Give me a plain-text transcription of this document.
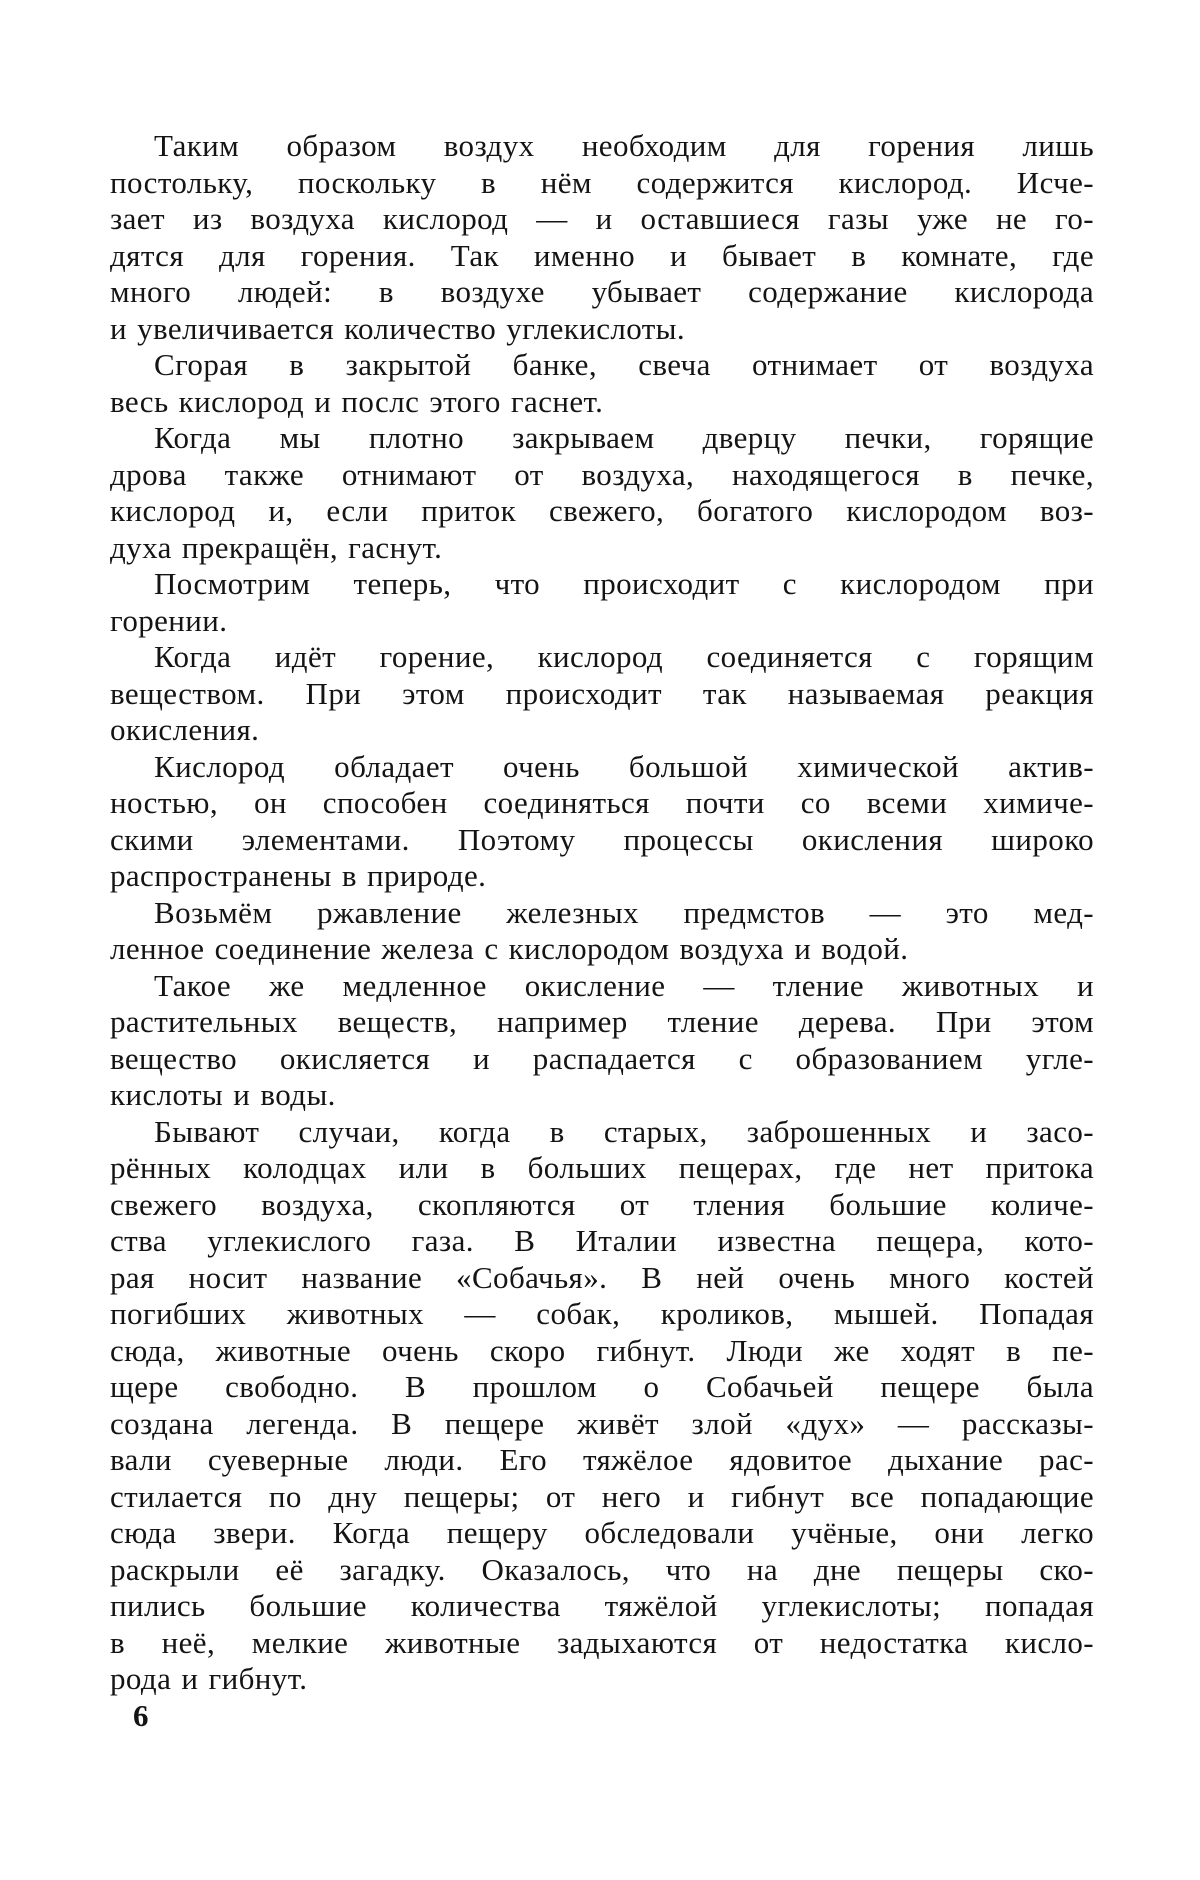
Таким образом воздух необходим для горения лишь
постольку, поскольку в нём содержится кислород. Исче-
зает из воздуха кислород — и оставшиеся газы уже не го-
дятся для горения. Так именно и бывает в комнате, где
много людей: в воздухе убывает содержание кислорода
и увеличивается количество углекислоты.
Сгорая в закрытой банке, свеча отнимает от воздуха
весь кислород и послс этого гаснет.
Когда мы плотно закрываем дверцу печки, горящие
дрова также отнимают от воздуха, находящегося в печке,
кислород и, если приток свежего, богатого кислородом воз-
духа прекращён, гаснут.
Посмотрим теперь, что происходит с кислородом при
горении.
Когда идёт горение, кислород соединяется с горящим
веществом. При этом происходит так называемая реакция
окисления.
Кислород обладает очень большой химической актив-
ностью, он способен соединяться почти со всеми химиче-
скими элементами. Поэтому процессы окисления широко
распространены в природе.
Возьмём ржавление железных предмстов — это мед-
ленное соединение железа с кислородом воздуха и водой.
Такое же медленное окисление — тление животных и
растительных веществ, например тление дерева. При этом
вещество окисляется и распадается с образованием угле-
кислоты и воды.
Бывают случаи, когда в старых, заброшенных и засо-
рённых колодцах или в больших пещерах, где нет притока
свежего воздуха, скопляются от тления большие количе-
ства углекислого газа. В Италии известна пещера, кото-
рая носит название «Собачья». В ней очень много костей
погибших животных — собак, кроликов, мышей. Попадая
сюда, животные очень скоро гибнут. Люди же ходят в пе-
щере свободно. В прошлом о Собачьей пещере была
создана легенда. В пещере живёт злой «дух» — рассказы-
вали суеверные люди. Его тяжёлое ядовитое дыхание рас-
стилается по дну пещеры; от него и гибнут все попадающие
сюда звери. Когда пещеру обследовали учёные, они легко
раскрыли её загадку. Оказалось, что на дне пещеры ско-
пились большие количества тяжёлой углекислоты; попадая
в неё, мелкие животные задыхаются от недостатка кисло-
рода и гибнут.
6
